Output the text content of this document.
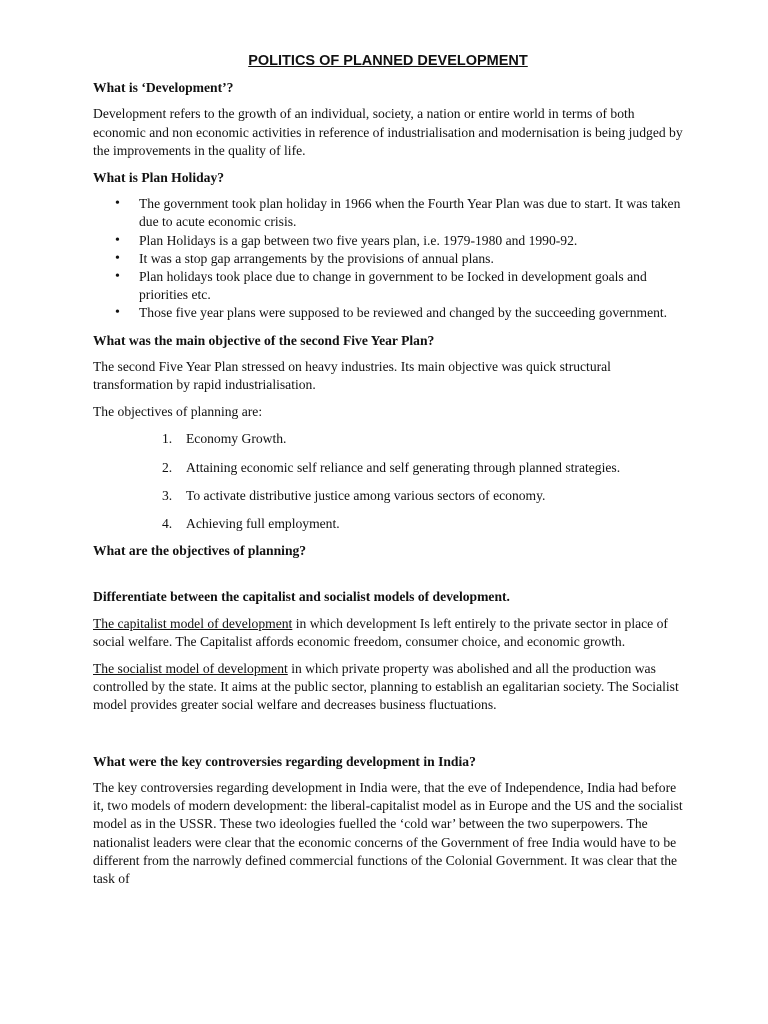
POLITICS OF PLANNED DEVELOPMENT
What is ‘Development’?

Development refers to the growth of an individual, society, a nation or entire world in terms of both economic and non economic activities in reference of industrialisation and modernisation is being judged by the improvements in the quality of life.

What is Plan Holiday?
• The government took plan holiday in 1966 when the Fourth Year Plan was due to start. It was taken due to acute economic crisis.
• Plan Holidays is a gap between two five years plan, i.e. 1979-1980 and 1990-92.
• It was a stop gap arrangements by the provisions of annual plans.
• Plan holidays took place due to change in government to be Iocked in development goals and priorities etc.
• Those five year plans were supposed to be reviewed and changed by the succeeding government.
What was the main objective of the second Five Year Plan?

The second Five Year Plan stressed on heavy industries. Its main objective was quick structural transformation by rapid industrialisation.

The objectives of planning are:

1. Economy Growth.
2. Attaining economic self reliance and self generating through planned strategies.
3. To activate distributive justice among various sectors of economy.
4. Achieving full employment.
What are the objectives of planning?
Differentiate between the capitalist and socialist models of development.

The capitalist model of development in which development Is left entirely to the private sector in place of social welfare. The Capitalist affords economic freedom, consumer choice, and economic growth.

The socialist model of development in which private property was abolished and all the production was controlled by the state. It aims at the public sector, planning to establish an egalitarian society. The Socialist model provides greater social welfare and decreases business fluctuations.

What were the key controversies regarding development in India?

The key controversies regarding development in India were, that the eve of Independence, India had before it, two models of modern development: the liberal-capitalist model as in Europe and the US and the socialist model as in the USSR. These two ideologies fuelled the ‘cold war’ between the two superpowers. The nationalist leaders were clear that the economic concerns of the Government of free India would have to be different from the narrowly defined commercial functions of the Colonial Government. It was clear that the task of
